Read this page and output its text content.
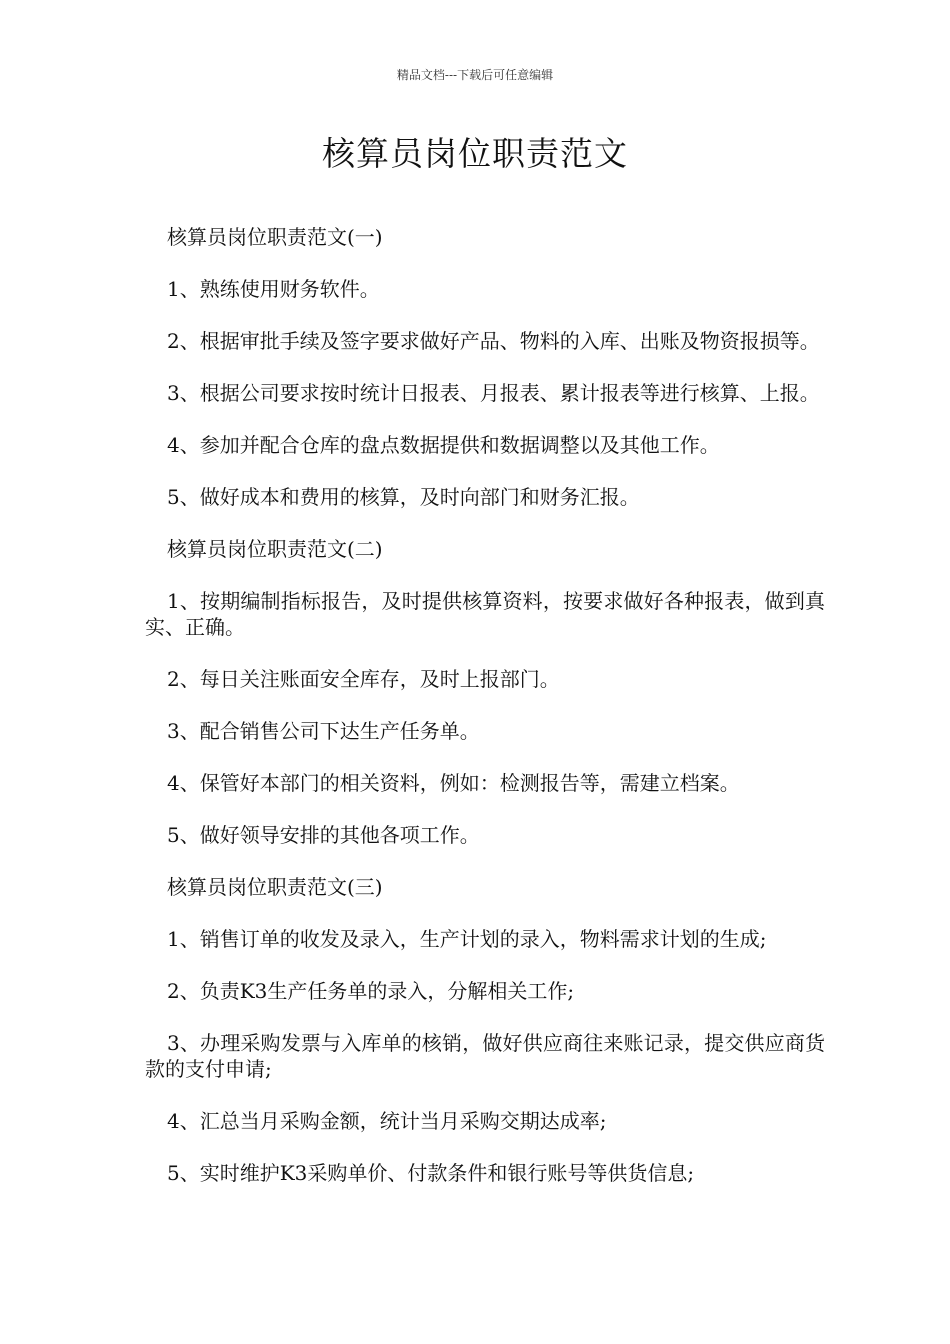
精品文档---下载后可任意编辑
核算员岗位职责范文

核算员岗位职责范文(一)

1、熟练使用财务软件。

2、根据审批手续及签字要求做好产品、物料的入库、出账及物资报损等。

3、根据公司要求按时统计日报表、月报表、累计报表等进行核算、上报。

4、参加并配合仓库的盘点数据提供和数据调整以及其他工作。

5、做好成本和费用的核算，及时向部门和财务汇报。

核算员岗位职责范文(二)

1、按期编制指标报告，及时提供核算资料，按要求做好各种报表，做到真实、正确。

2、每日关注账面安全库存，及时上报部门。

3、配合销售公司下达生产任务单。

4、保管好本部门的相关资料，例如：检测报告等，需建立档案。

5、做好领导安排的其他各项工作。

核算员岗位职责范文(三)

1、销售订单的收发及录入，生产计划的录入，物料需求计划的生成;

2、负责K3生产任务单的录入，分解相关工作;

3、办理采购发票与入库单的核销，做好供应商往来账记录，提交供应商货款的支付申请;

4、汇总当月采购金额，统计当月采购交期达成率;

5、实时维护K3采购单价、付款条件和银行账号等供货信息;
